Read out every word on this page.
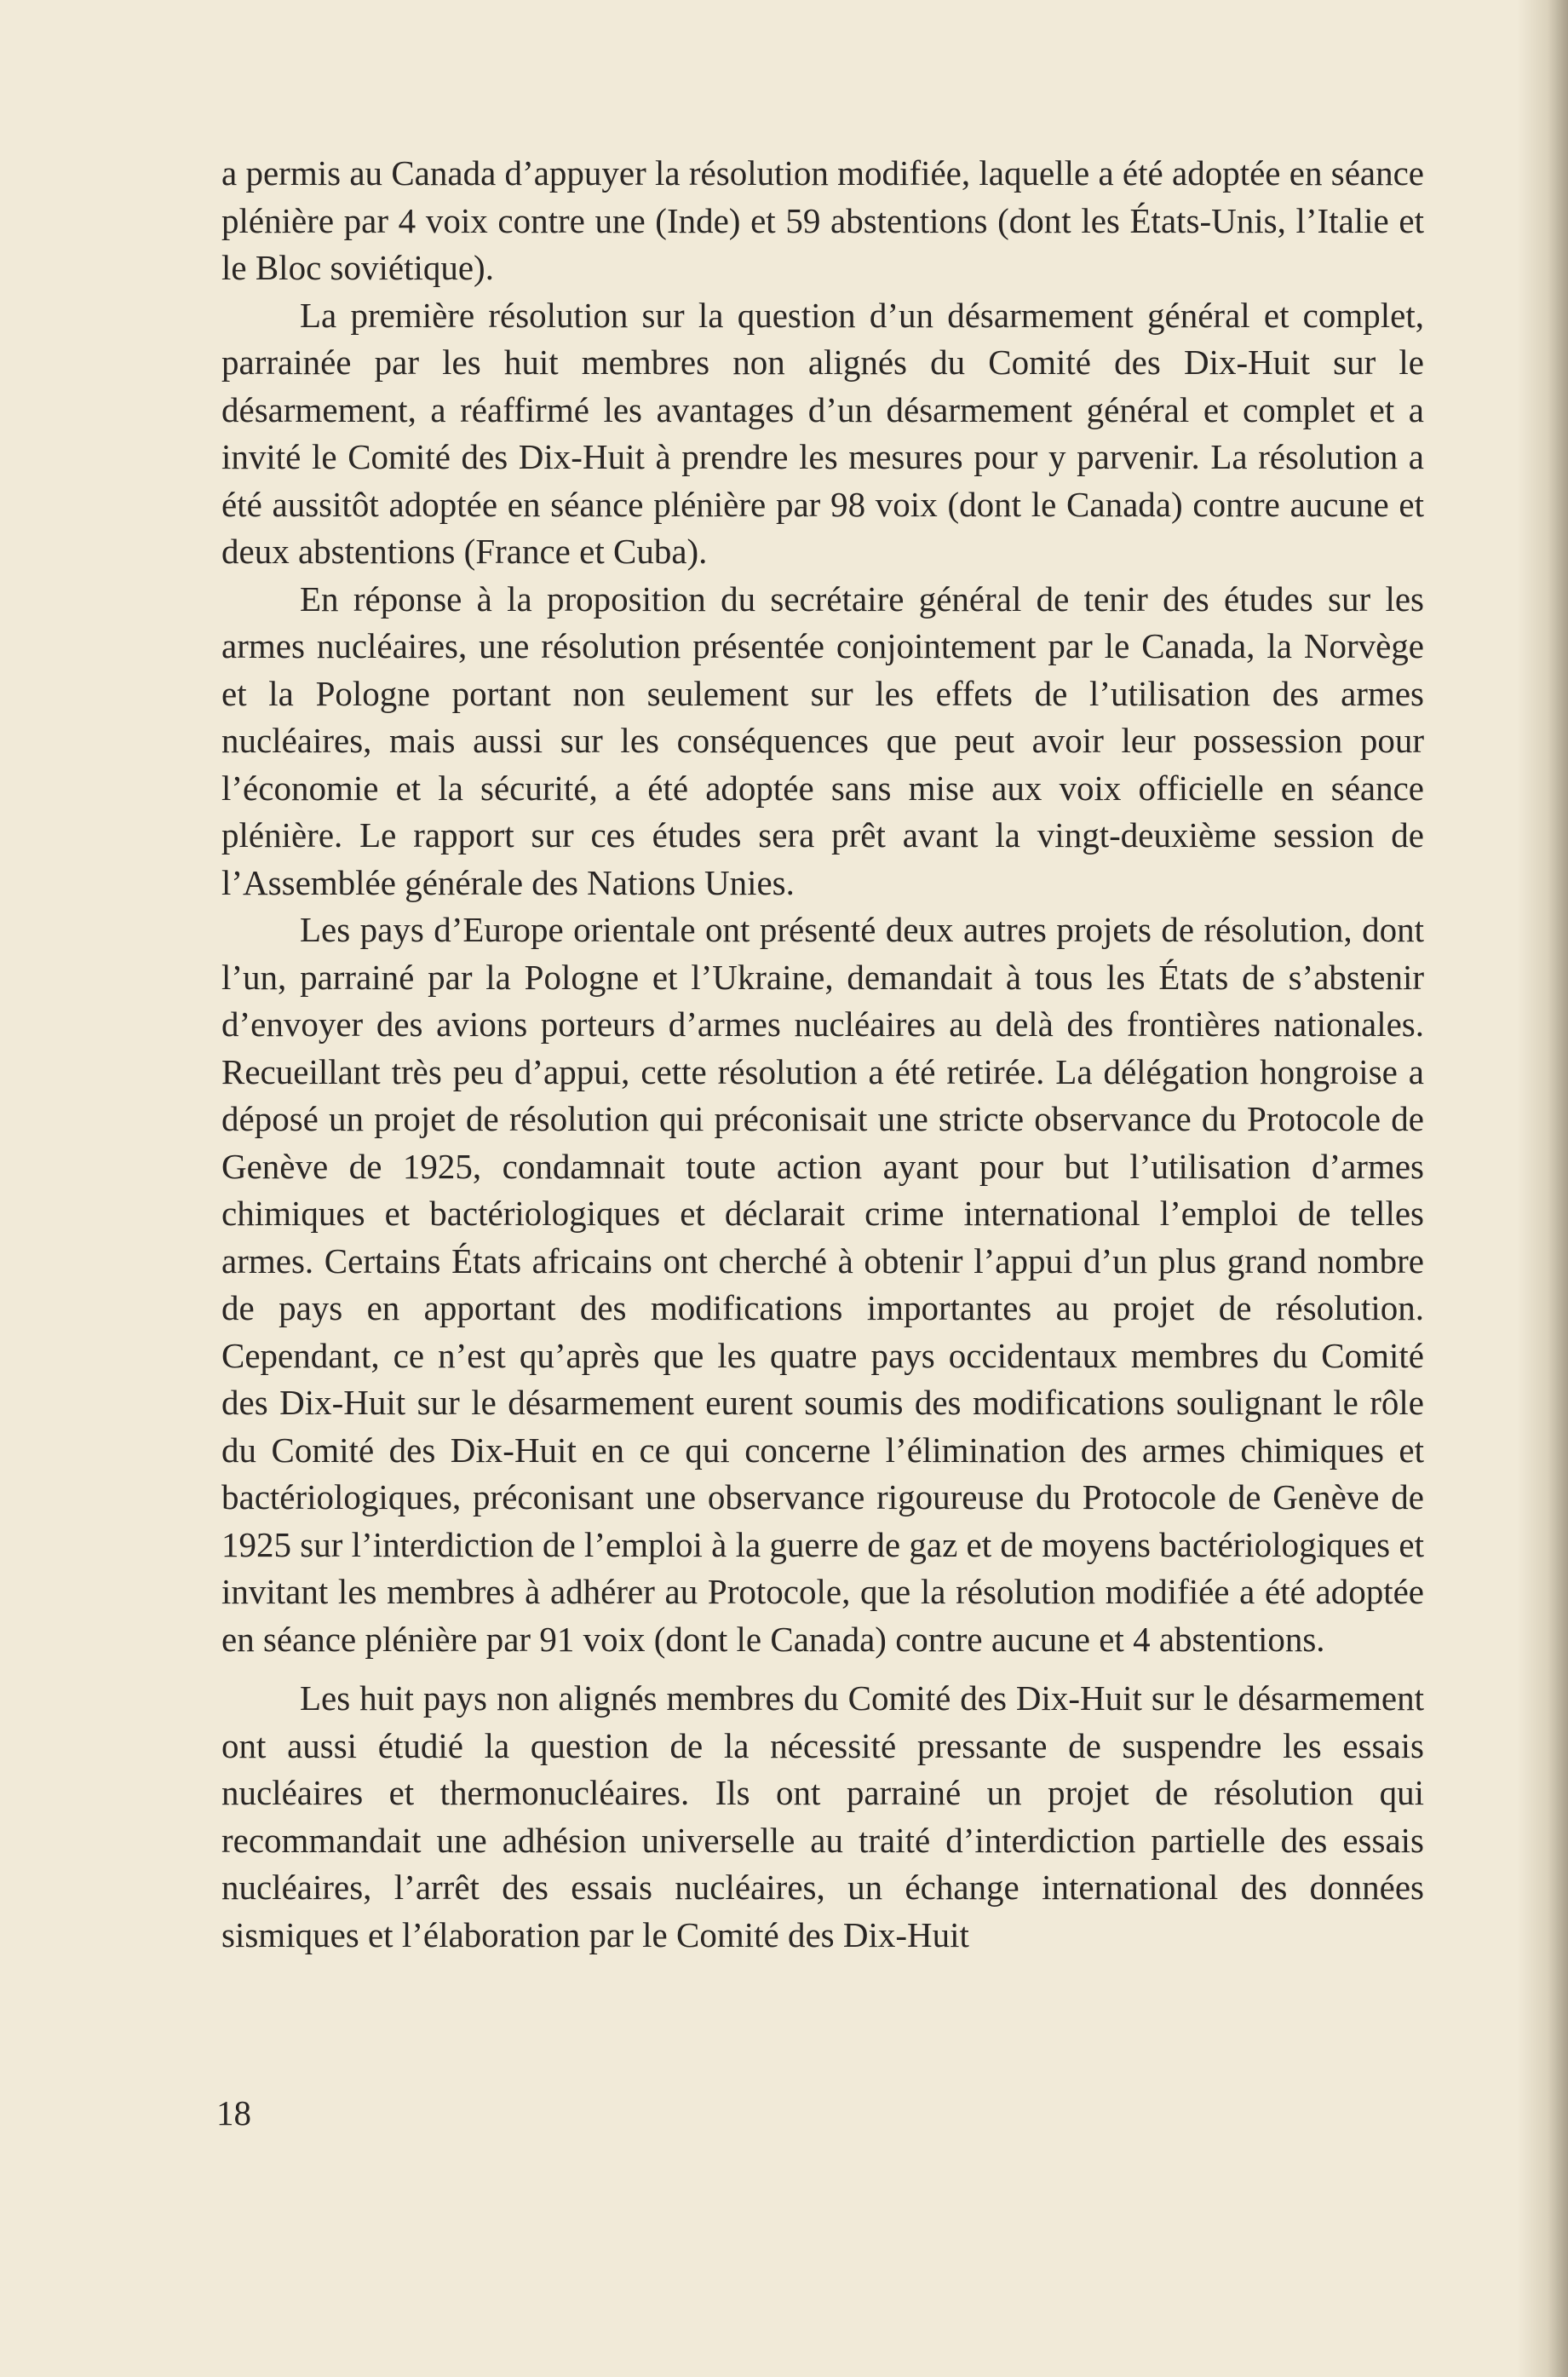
a permis au Canada d’appuyer la résolution modifiée, laquelle a été adoptée en séance plénière par 4 voix contre une (Inde) et 59 abstentions (dont les États-Unis, l’Italie et le Bloc soviétique).

La première résolution sur la question d’un désarmement général et complet, parrainée par les huit membres non alignés du Comité des Dix-Huit sur le désarmement, a réaffirmé les avantages d’un désarmement général et complet et a invité le Comité des Dix-Huit à prendre les mesures pour y parvenir. La résolution a été aussitôt adoptée en séance plénière par 98 voix (dont le Canada) contre aucune et deux abstentions (France et Cuba).

En réponse à la proposition du secrétaire général de tenir des études sur les armes nucléaires, une résolution présentée conjointement par le Canada, la Norvège et la Pologne portant non seulement sur les effets de l’utilisation des armes nucléaires, mais aussi sur les conséquences que peut avoir leur possession pour l’économie et la sécurité, a été adoptée sans mise aux voix officielle en séance plénière. Le rapport sur ces études sera prêt avant la vingt-deuxième session de l’Assemblée générale des Nations Unies.

Les pays d’Europe orientale ont présenté deux autres projets de résolution, dont l’un, parrainé par la Pologne et l’Ukraine, demandait à tous les États de s’abstenir d’envoyer des avions porteurs d’armes nucléaires au delà des frontières nationales. Recueillant très peu d’appui, cette résolution a été retirée. La délégation hongroise a déposé un projet de résolution qui préconisait une stricte observance du Protocole de Genève de 1925, condamnait toute action ayant pour but l’utilisation d’armes chimiques et bactériologiques et déclarait crime international l’emploi de telles armes. Certains États africains ont cherché à obtenir l’appui d’un plus grand nombre de pays en apportant des modifications importantes au projet de résolution. Cependant, ce n’est qu’après que les quatre pays occidentaux membres du Comité des Dix-Huit sur le désarmement eurent soumis des modifications soulignant le rôle du Comité des Dix-Huit en ce qui concerne l’élimination des armes chimiques et bactériologiques, préconisant une observance rigoureuse du Protocole de Genève de 1925 sur l’interdiction de l’emploi à la guerre de gaz et de moyens bactériologiques et invitant les membres à adhérer au Protocole, que la résolution modifiée a été adoptée en séance plénière par 91 voix (dont le Canada) contre aucune et 4 abstentions.

Les huit pays non alignés membres du Comité des Dix-Huit sur le désarmement ont aussi étudié la question de la nécessité pressante de suspendre les essais nucléaires et thermonucléaires. Ils ont parrainé un projet de résolution qui recommandait une adhésion universelle au traité d’interdiction partielle des essais nucléaires, l’arrêt des essais nucléaires, un échange international des données sismiques et l’élaboration par le Comité des Dix-Huit

18
